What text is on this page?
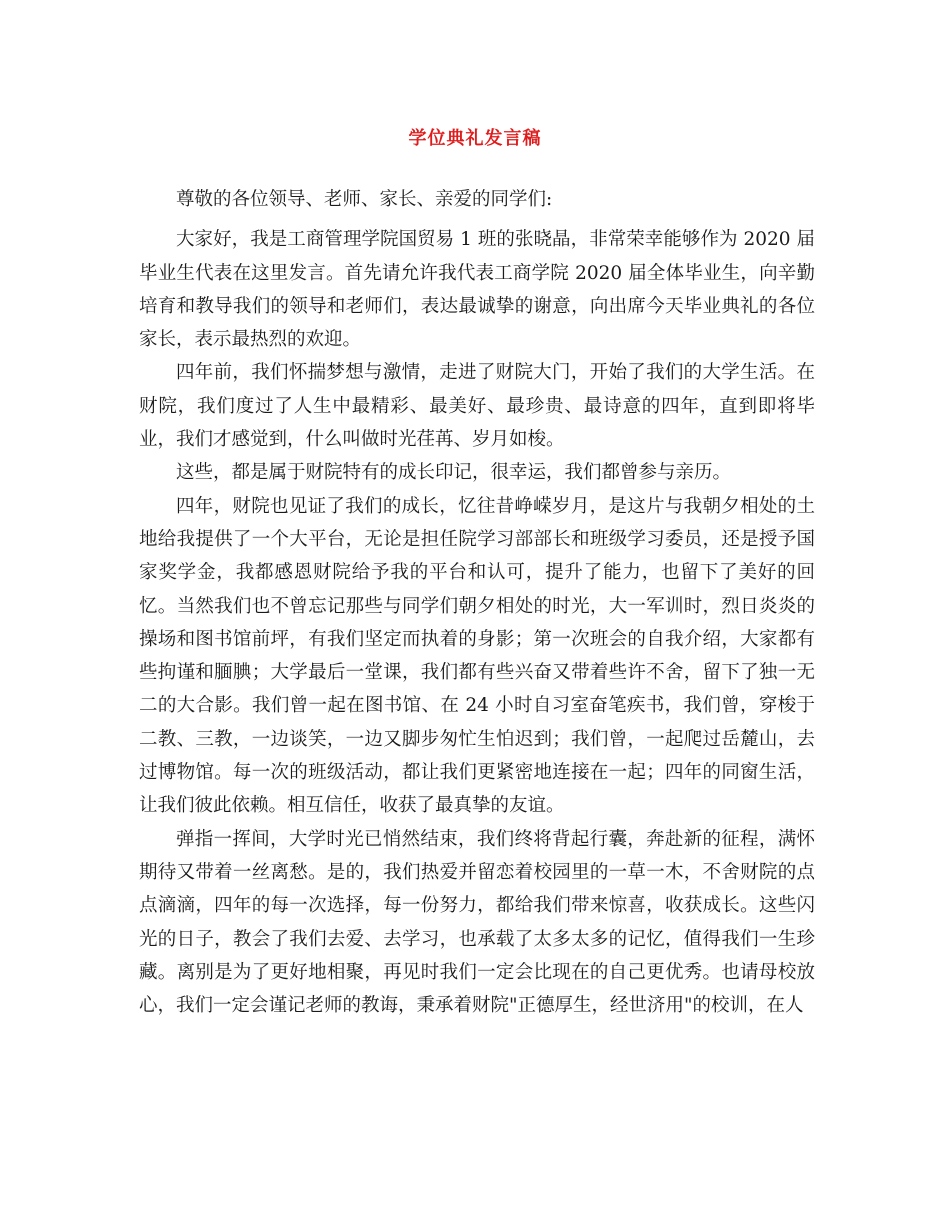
学位典礼发言稿

尊敬的各位领导、老师、家长、亲爱的同学们:

大家好，我是工商管理学院国贸易 1 班的张晓晶，非常荣幸能够作为 2020 届毕业生代表在这里发言。首先请允许我代表工商学院 2020 届全体毕业生，向辛勤培育和教导我们的领导和老师们，表达最诚挚的谢意，向出席今天毕业典礼的各位家长，表示最热烈的欢迎。

四年前，我们怀揣梦想与激情，走进了财院大门，开始了我们的大学生活。在财院，我们度过了人生中最精彩、最美好、最珍贵、最诗意的四年，直到即将毕业，我们才感觉到，什么叫做时光荏苒、岁月如梭。

这些，都是属于财院特有的成长印记，很幸运，我们都曾参与亲历。

四年，财院也见证了我们的成长，忆往昔峥嵘岁月，是这片与我朝夕相处的土地给我提供了一个大平台，无论是担任院学习部部长和班级学习委员，还是授予国家奖学金，我都感恩财院给予我的平台和认可，提升了能力，也留下了美好的回忆。当然我们也不曾忘记那些与同学们朝夕相处的时光，大一军训时，烈日炎炎的操场和图书馆前坪，有我们坚定而执着的身影；第一次班会的自我介绍，大家都有些拘谨和腼腆；大学最后一堂课，我们都有些兴奋又带着些许不舍，留下了独一无二的大合影。我们曾一起在图书馆、在 24 小时自习室奋笔疾书，我们曾，穿梭于二教、三教，一边谈笑，一边又脚步匆忙生怕迟到；我们曾，一起爬过岳麓山，去过博物馆。每一次的班级活动，都让我们更紧密地连接在一起；四年的同窗生活，让我们彼此依赖。相互信任，收获了最真挚的友谊。

弹指一挥间，大学时光已悄然结束，我们终将背起行囊，奔赴新的征程，满怀期待又带着一丝离愁。是的，我们热爱并留恋着校园里的一草一木，不舍财院的点点滴滴，四年的每一次选择，每一份努力，都给我们带来惊喜，收获成长。这些闪光的日子，教会了我们去爱、去学习，也承载了太多太多的记忆，值得我们一生珍藏。离别是为了更好地相聚，再见时我们一定会比现在的自己更优秀。也请母校放心，我们一定会谨记老师的教诲，秉承着财院"正德厚生，经世济用"的校训，在人
